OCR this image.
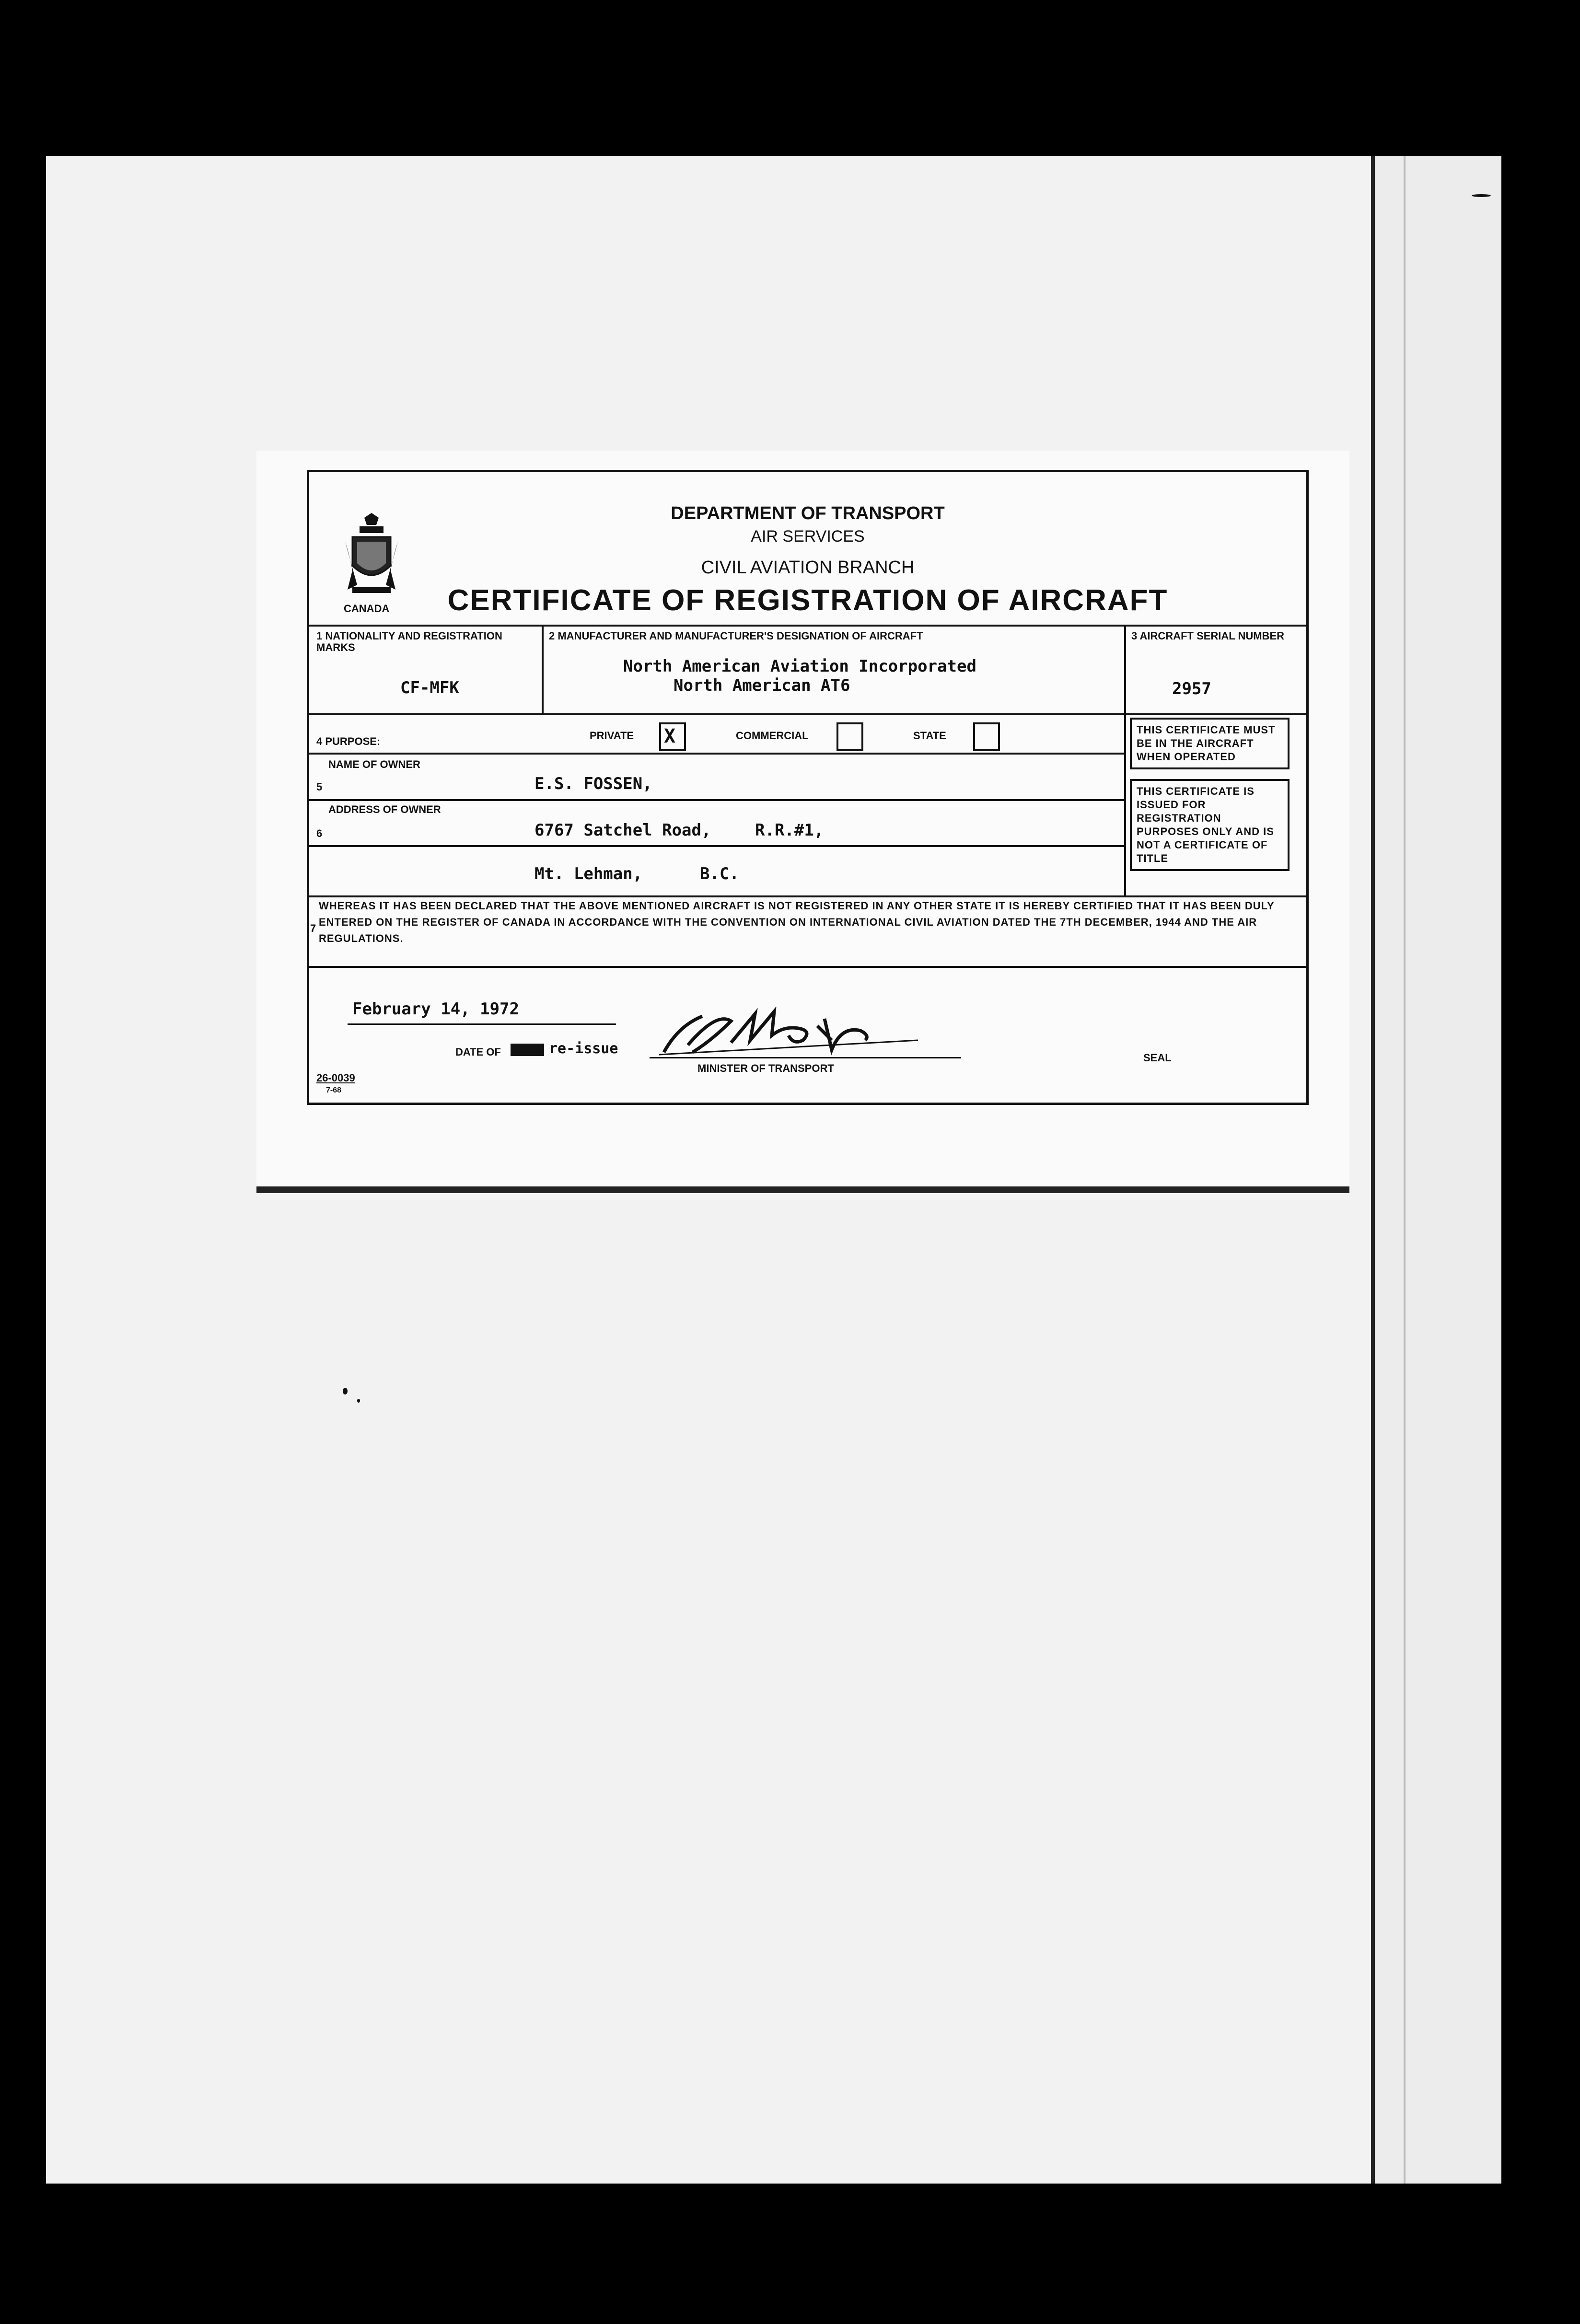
CANADA
DEPARTMENT OF TRANSPORT
AIR SERVICES
CIVIL AVIATION BRANCH
CERTIFICATE OF REGISTRATION OF AIRCRAFT
1 NATIONALITY AND REGISTRATION MARKS
CF-MFK
2 MANUFACTURER AND MANUFACTURER'S DESIGNATION OF AIRCRAFT
North American Aviation Incorporated
North American AT6
3 AIRCRAFT SERIAL NUMBER
2957
4 PURPOSE:	PRIVATE X	COMMERCIAL	STATE
NAME OF OWNER
5	E.S. FOSSEN,
ADDRESS OF OWNER
6	6767 Satchel Road,	R.R.#1,
Mt. Lehman,	B.C.
THIS CERTIFICATE MUST BE IN THE AIRCRAFT WHEN OPERATED
THIS CERTIFICATE IS ISSUED FOR REGISTRATION PURPOSES ONLY AND IS NOT A CERTIFICATE OF TITLE
7
WHEREAS IT HAS BEEN DECLARED THAT THE ABOVE MENTIONED AIRCRAFT IS NOT REGISTERED IN ANY OTHER STATE IT IS HEREBY CERTIFIED THAT IT HAS BEEN DULY ENTERED ON THE REGISTER OF CANADA IN ACCORDANCE WITH THE CONVENTION ON INTERNATIONAL CIVIL AVIATION DATED THE 7TH DECEMBER, 1944 AND THE AIR REGULATIONS.
February 14, 1972
DATE OF	re-issue
MINISTER OF TRANSPORT
SEAL
26-0039
7-68
